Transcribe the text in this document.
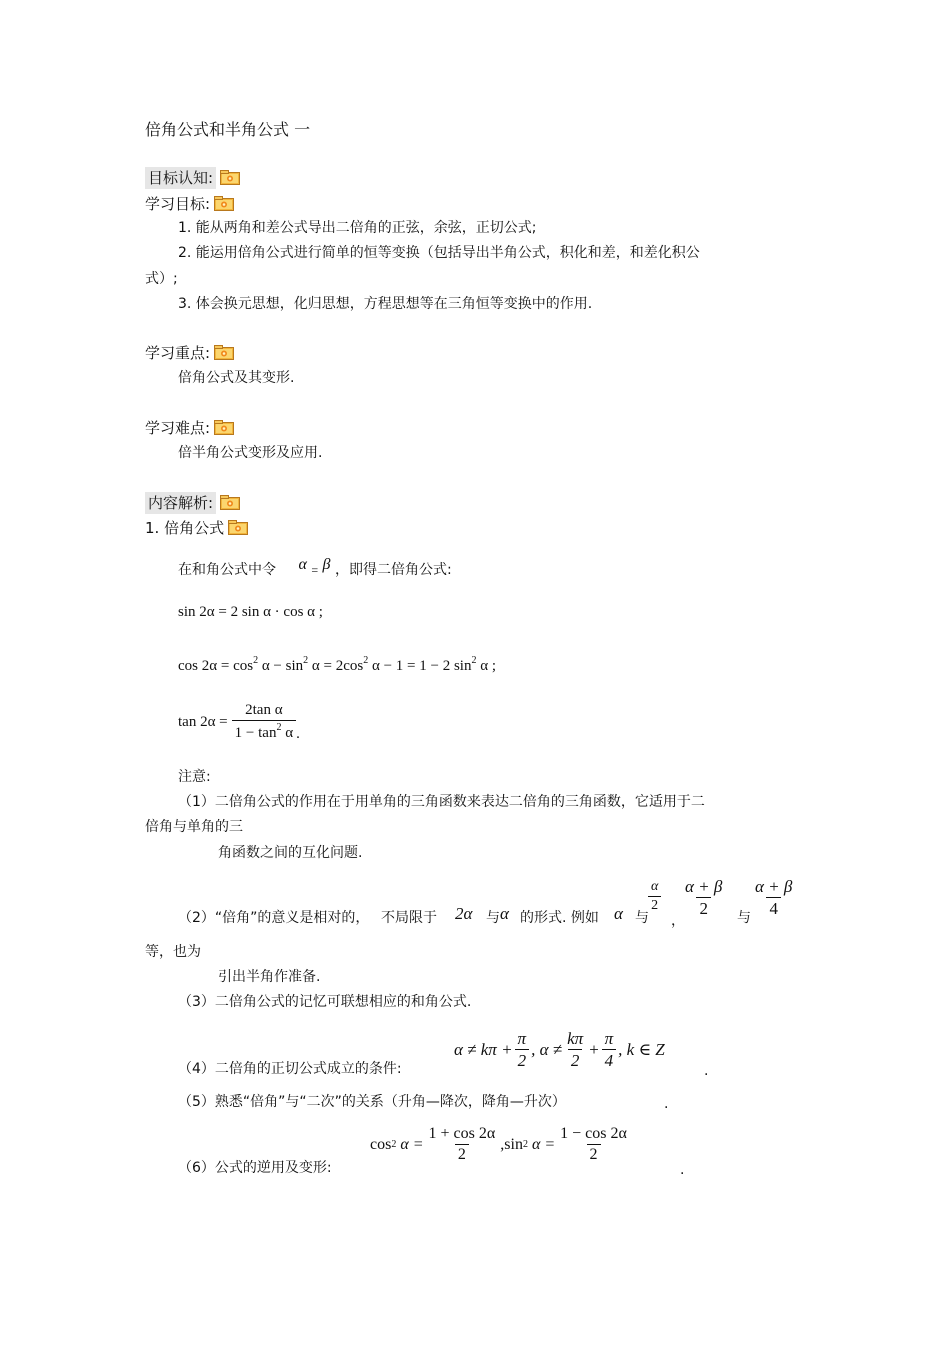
倍角公式和半角公式 一
目标认知:
学习目标:
1. 能从两角和差公式导出二倍角的正弦，余弦，正切公式;
2. 能运用倍角公式进行简单的恒等变换（包括导出半角公式，积化和差，和差化积公
式）;
3. 体会换元思想，化归思想，方程思想等在三角恒等变换中的作用.
学习重点:
倍角公式及其变形.
学习难点:
倍半角公式变形及应用.
内容解析:
1. 倍角公式
在和角公式中令 α = β ，即得二倍角公式:
sin 2α = 2 sin α · cos α ;
$\cos 2\alpha = \cos^2 \alpha - \sin^2 \alpha = 2\cos^2$ α − 1 = 1 − 2 $\sin^2 \alpha$ ;
$\tan 2\alpha = \frac{\text{2tan α}}{1 - \tan^2 \alpha}$ .
注意:
（1）二倍角公式的作用在于用单角的三角函数来表达二倍角的三角函数，它适用于二
倍角与单角的三
角函数之间的互化问题.
（2）“倍角”的意义是相对的， 不局限于 2α 与 α 的形式. 例如 α 与
$\frac{\alpha}{2}$
，
$\frac{\alpha + \beta}{2}$
与
$\frac{\alpha + \beta}{4}$
等，也为
引出半角作准备.
（3）二倍角公式的记忆可联想相应的和角公式.
（4）二倍角的正切公式成立的条件:
$\alpha \ne k\pi + \frac{\pi}{2}$ , $\alpha \ne \frac{k\pi}{2} + \frac{\pi}{4}$ , k ∈ Z
.
（5）熟悉“倍角”与“二次”的关系（升角—降次，降角—升次）	.
（6）公式的逆用及变形:
cos 2 $\alpha = \frac{1 + \cos 2\alpha}{2}$ , sin 2 $\alpha = \frac{1 - \cos 2\alpha}{2}$
.
